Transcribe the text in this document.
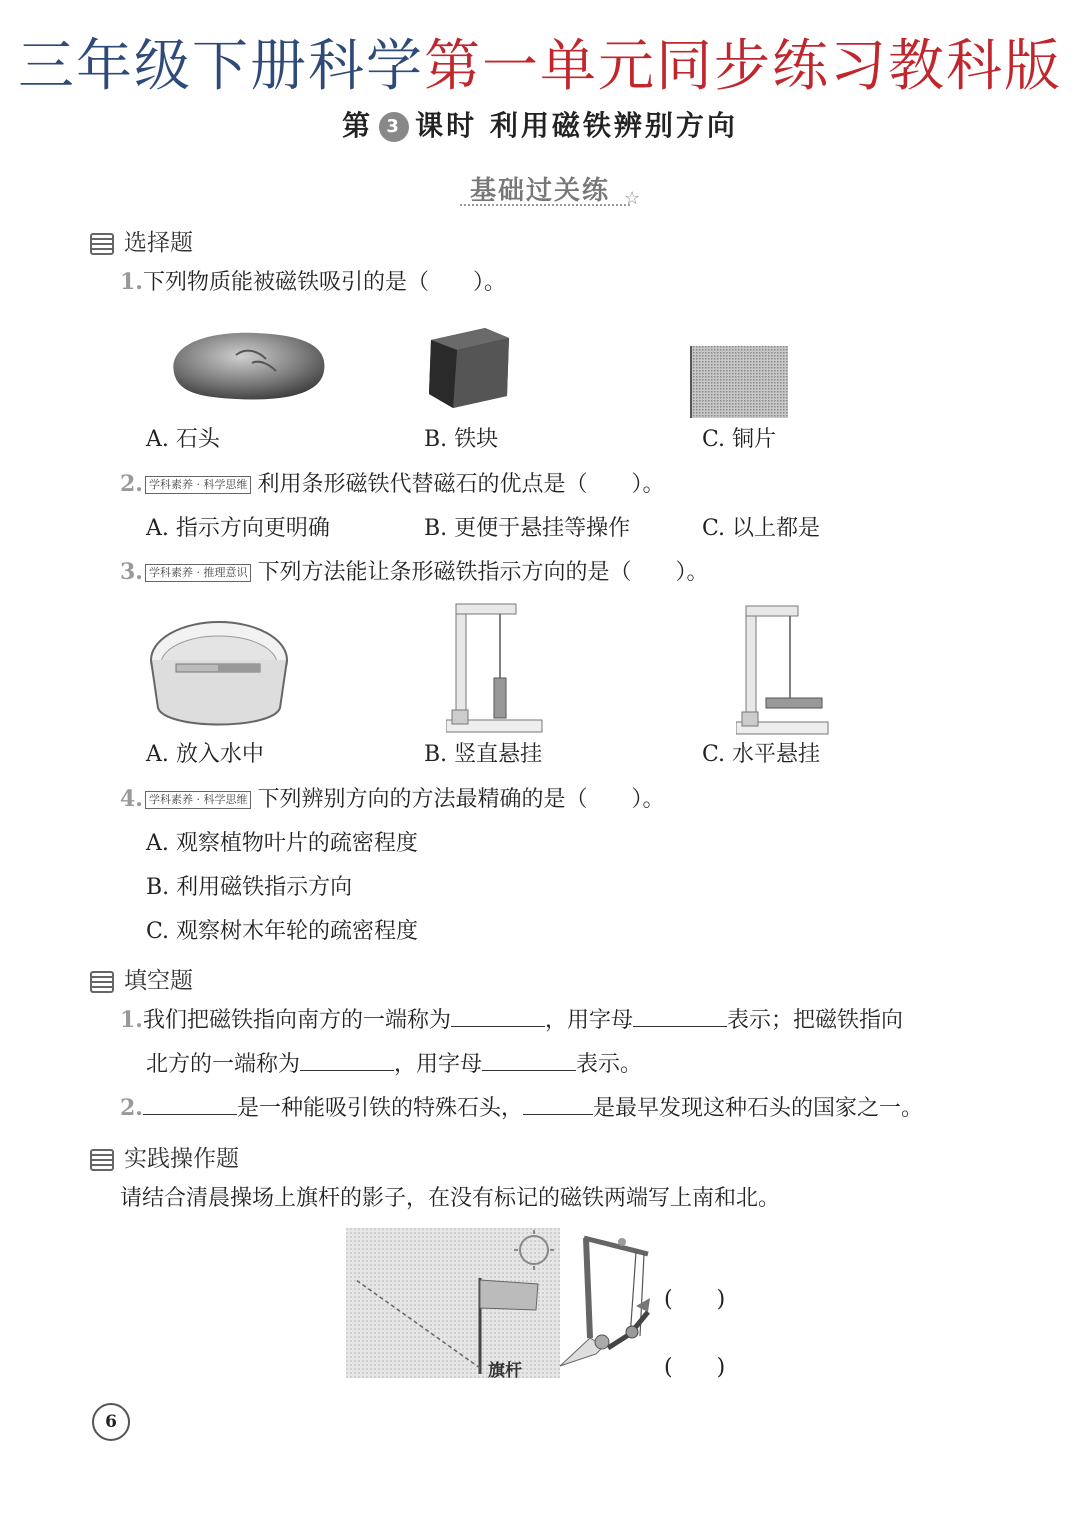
三年级下册科学第一单元同步练习教科版
第 3 课时 利用磁铁辨别方向
基础过关练 ☆
选择题
1.下列物质能被磁铁吸引的是（　　）。
A. 石头	B. 铁块	C. 铜片
2. 学科素养 · 科学思维 利用条形磁铁代替磁石的优点是（　　）。
A. 指示方向更明确	B. 更便于悬挂等操作	C. 以上都是
3. 学科素养 · 推理意识 下列方法能让条形磁铁指示方向的是（　　）。
A. 放入水中	B. 竖直悬挂	C. 水平悬挂
4. 学科素养 · 科学思维 下列辨别方向的方法最精确的是（　　）。
A. 观察植物叶片的疏密程度
B. 利用磁铁指示方向
C. 观察树木年轮的疏密程度
填空题
1.我们把磁铁指向南方的一端称为	，用字母	表示；把磁铁指向
北方的一端称为	，用字母	表示。
2.	是一种能吸引铁的特殊石头，	是最早发现这种石头的国家之一。
实践操作题
请结合清晨操场上旗杆的影子，在没有标记的磁铁两端写上南和北。
旗杆
(　　)
(　　)
6
